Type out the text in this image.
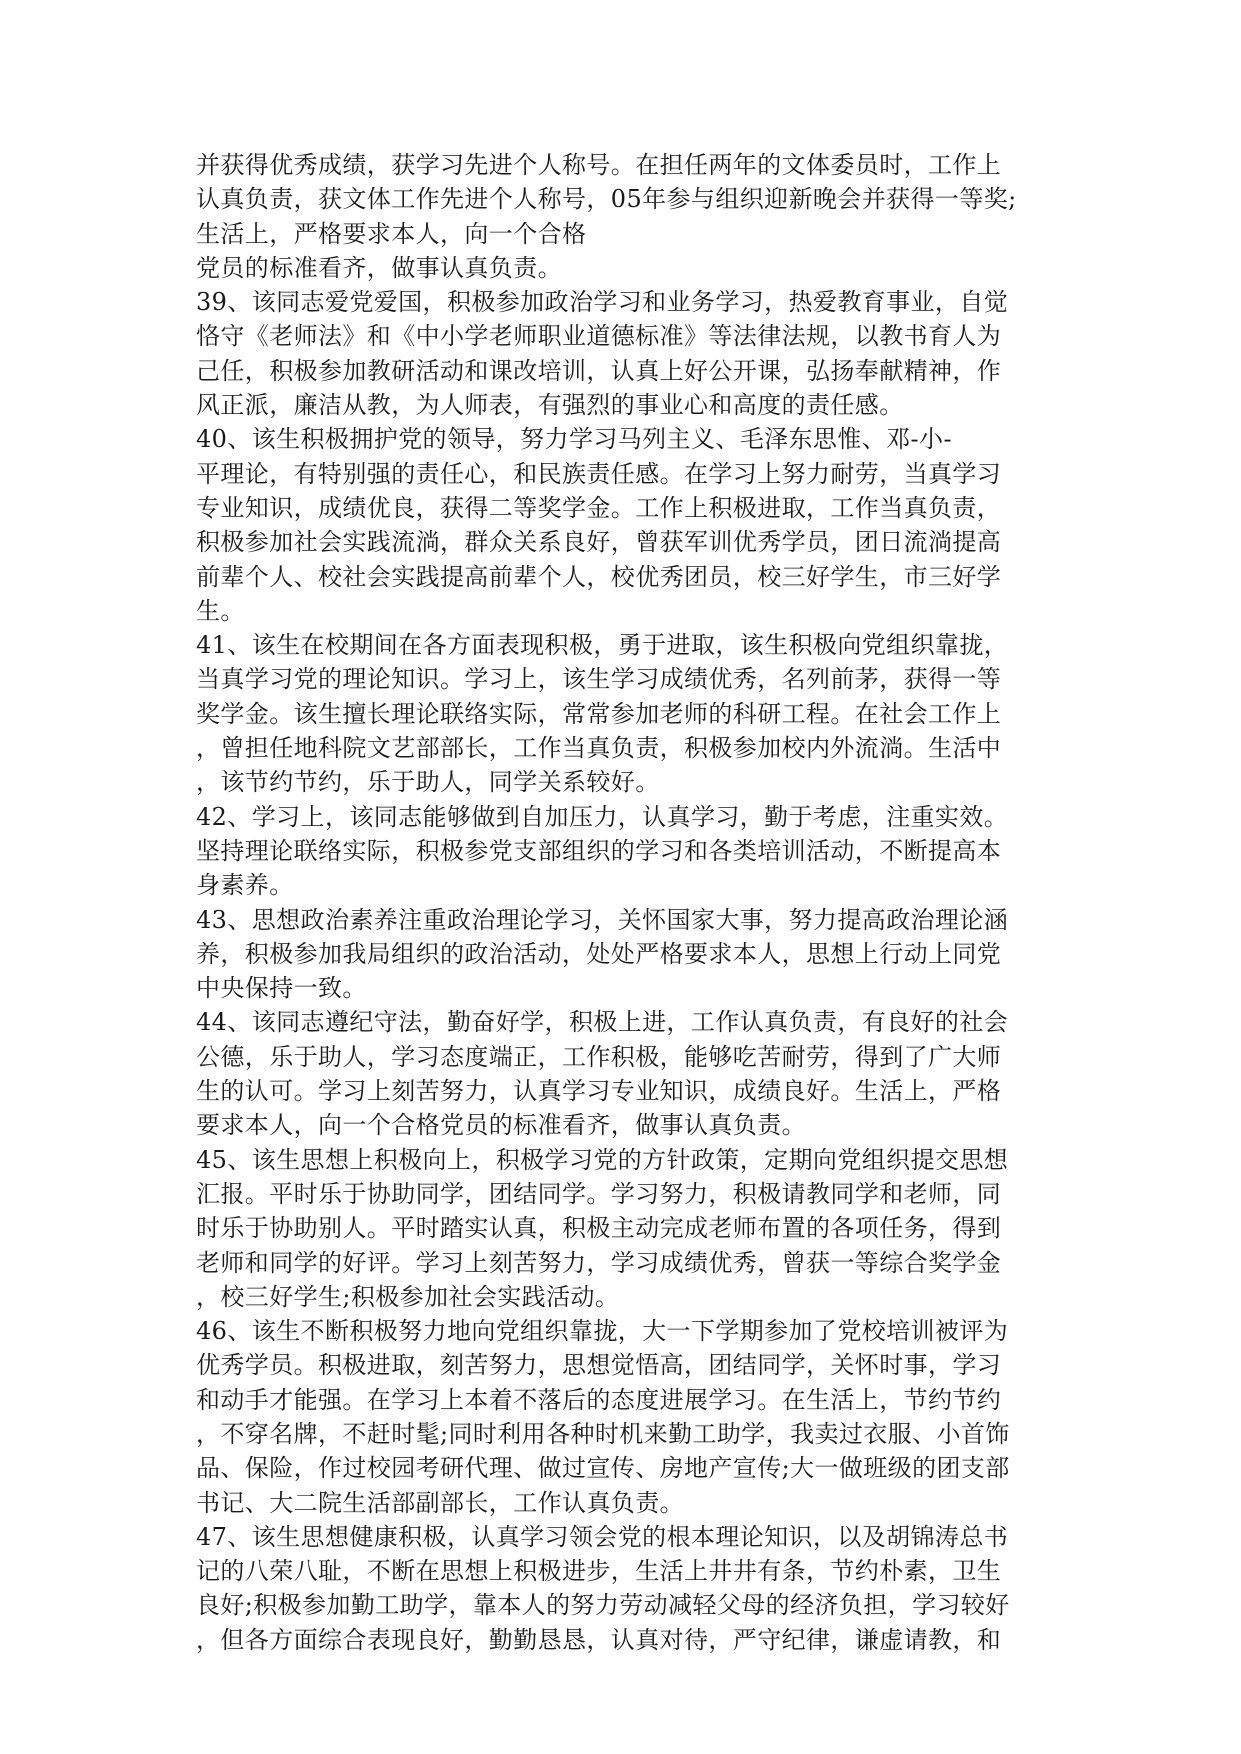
并获得优秀成绩，获学习先进个人称号。在担任两年的文体委员时，工作上
认真负责，获文体工作先进个人称号，05年参与组织迎新晚会并获得一等奖;
生活上，严格要求本人，向一个合格
党员的标准看齐，做事认真负责。
39、该同志爱党爱国，积极参加政治学习和业务学习，热爱教育事业，自觉
恪守《老师法》和《中小学老师职业道德标准》等法律法规，以教书育人为
己任，积极参加教研活动和课改培训，认真上好公开课，弘扬奉献精神，作
风正派，廉洁从教，为人师表，有强烈的事业心和高度的责任感。
40、该生积极拥护党的领导，努力学习马列主义、毛泽东思惟、邓-小-
平理论，有特别强的责任心，和民族责任感。在学习上努力耐劳，当真学习
专业知识，成绩优良，获得二等奖学金。工作上积极进取，工作当真负责，
积极参加社会实践流淌，群众关系良好，曾获军训优秀学员，团日流淌提高
前辈个人、校社会实践提高前辈个人，校优秀团员，校三好学生，市三好学
生。
41、该生在校期间在各方面表现积极，勇于进取，该生积极向党组织靠拢，
当真学习党的理论知识。学习上，该生学习成绩优秀，名列前茅，获得一等
奖学金。该生擅长理论联络实际，常常参加老师的科研工程。在社会工作上
，曾担任地科院文艺部部长，工作当真负责，积极参加校内外流淌。生活中
，该节约节约，乐于助人，同学关系较好。
42、学习上，该同志能够做到自加压力，认真学习，勤于考虑，注重实效。
坚持理论联络实际，积极参党支部组织的学习和各类培训活动，不断提高本
身素养。
43、思想政治素养注重政治理论学习，关怀国家大事，努力提高政治理论涵
养，积极参加我局组织的政治活动，处处严格要求本人，思想上行动上同党
中央保持一致。
44、该同志遵纪守法，勤奋好学，积极上进，工作认真负责，有良好的社会
公德，乐于助人，学习态度端正，工作积极，能够吃苦耐劳，得到了广大师
生的认可。学习上刻苦努力，认真学习专业知识，成绩良好。生活上，严格
要求本人，向一个合格党员的标准看齐，做事认真负责。
45、该生思想上积极向上，积极学习党的方针政策，定期向党组织提交思想
汇报。平时乐于协助同学，团结同学。学习努力，积极请教同学和老师，同
时乐于协助别人。平时踏实认真，积极主动完成老师布置的各项任务，得到
老师和同学的好评。学习上刻苦努力，学习成绩优秀，曾获一等综合奖学金
，校三好学生;积极参加社会实践活动。
46、该生不断积极努力地向党组织靠拢，大一下学期参加了党校培训被评为
优秀学员。积极进取，刻苦努力，思想觉悟高，团结同学，关怀时事，学习
和动手才能强。在学习上本着不落后的态度进展学习。在生活上，节约节约
，不穿名牌，不赶时髦;同时利用各种时机来勤工助学，我卖过衣服、小首饰
品、保险，作过校园考研代理、做过宣传、房地产宣传;大一做班级的团支部
书记、大二院生活部副部长，工作认真负责。
47、该生思想健康积极，认真学习领会党的根本理论知识，以及胡锦涛总书
记的八荣八耻，不断在思想上积极进步，生活上井井有条，节约朴素，卫生
良好;积极参加勤工助学，靠本人的努力劳动减轻父母的经济负担，学习较好
，但各方面综合表现良好，勤勤恳恳，认真对待，严守纪律，谦虚请教，和
